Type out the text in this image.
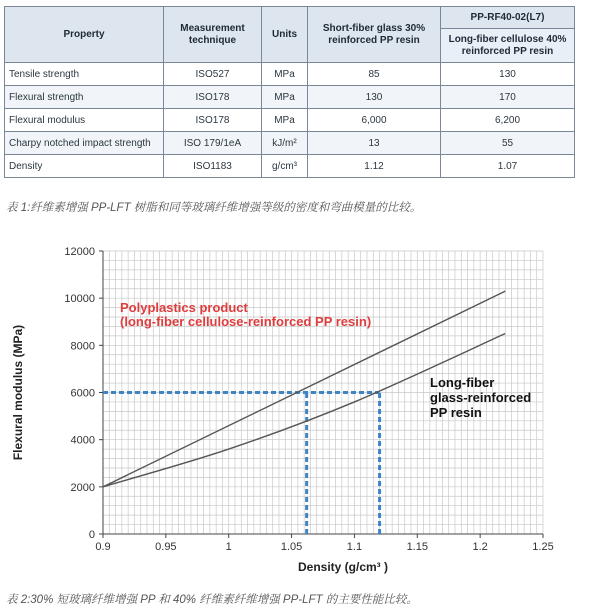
Property	Measurement technique	Units	Short-fiber glass 30% reinforced PP resin	PP-RF40-02(L7)
				Long-fiber cellulose 40% reinforced PP resin
Tensile strength	ISO527	MPa	85	130
Flexural strength	ISO178	MPa	130	170
Flexural modulus	ISO178	MPa	6,000	6,200
Charpy notched impact strength	ISO 179/1eA	kJ/m²	13	55
Density	ISO1183	g/cm³	1.12	1.07
表 1:纤维素增强 PP-LFT 树脂和同等玻璃纤维增强等级的密度和弯曲模量的比较。
0.9	0.95	1	1.05	1.1	1.15	1.2	1.25
0
2000
4000
6000
8000
10000
12000
Density (g/cm³ )
Flexural modulus (MPa)
Polyplastics product
(long-fiber cellulose-reinforced PP resin)
Long-fiber
glass-reinforced
PP resin
表 2:30% 短玻璃纤维增强 PP 和 40% 纤维素纤维增强 PP-LFT 的主要性能比较。
